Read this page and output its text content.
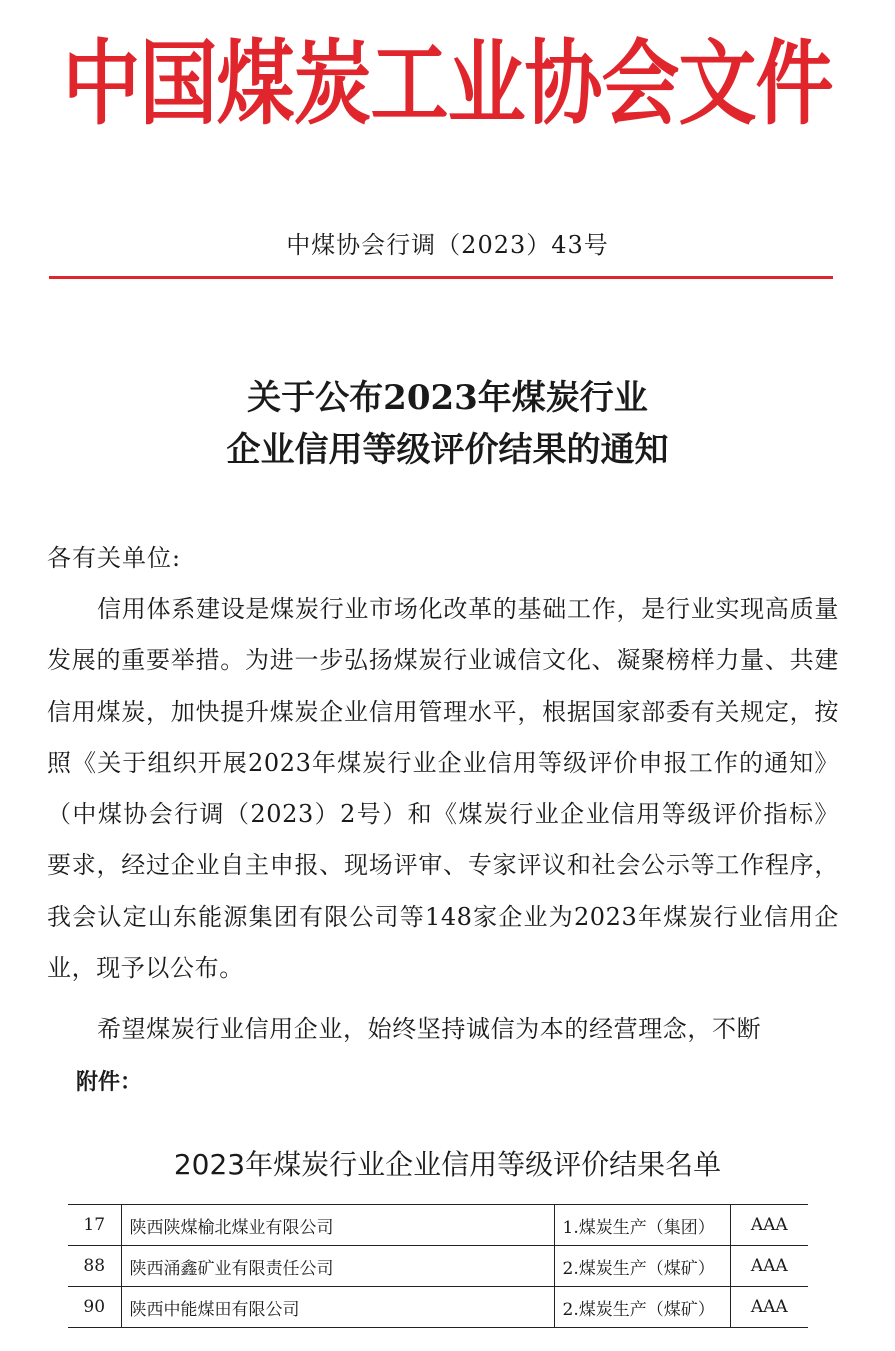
中国煤炭工业协会文件
中煤协会行调（2023）43号
关于公布2023年煤炭行业
企业信用等级评价结果的通知
各有关单位:
信用体系建设是煤炭行业市场化改革的基础工作，是行业实现高质量发展的重要举措。为进一步弘扬煤炭行业诚信文化、凝聚榜样力量、共建信用煤炭，加快提升煤炭企业信用管理水平，根据国家部委有关规定，按照《关于组织开展2023年煤炭行业企业信用等级评价申报工作的通知》（中煤协会行调（2023）2号）和《煤炭行业企业信用等级评价指标》要求，经过企业自主申报、现场评审、专家评议和社会公示等工作程序，我会认定山东能源集团有限公司等148家企业为2023年煤炭行业信用企业，现予以公布。
希望煤炭行业信用企业，始终坚持诚信为本的经营理念，不断
附件：
2023年煤炭行业企业信用等级评价结果名单
17	陕西陕煤榆北煤业有限公司	1.煤炭生产（集团）	AAA
88	陕西涌鑫矿业有限责任公司	2.煤炭生产（煤矿）	AAA
90	陕西中能煤田有限公司	2.煤炭生产（煤矿）	AAA
